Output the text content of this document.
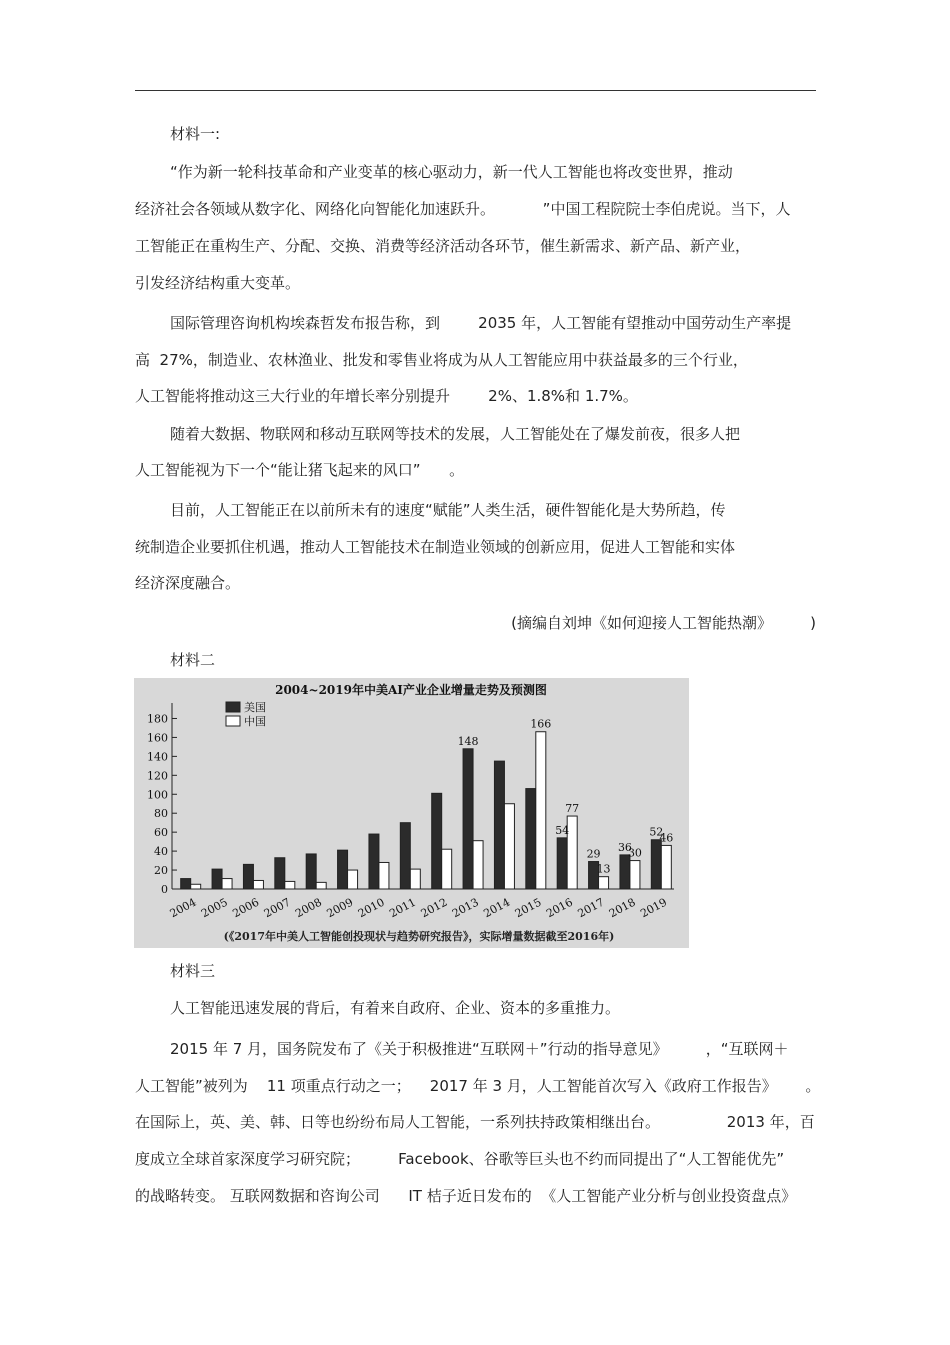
材料一:
“作为新一轮科技革命和产业变革的核心驱动力，新一代人工智能也将改变世界，推动
经济社会各领域从数字化、网络化向智能化加速跃升。          ”中国工程院院士李伯虎说。当下，人
工智能正在重构生产、分配、交换、消费等经济活动各环节，催生新需求、新产品、新产业，
引发经济结构重大变革。
国际管理咨询机构埃森哲发布报告称，到        2035 年，人工智能有望推动中国劳动生产率提
高  27%，制造业、农林渔业、批发和零售业将成为从人工智能应用中获益最多的三个行业，
人工智能将推动这三大行业的年增长率分别提升        2%、1.8%和 1.7%。
随着大数据、物联网和移动互联网等技术的发展，人工智能处在了爆发前夜，很多人把
人工智能视为下一个“能让猪飞起来的风口”      。
目前，人工智能正在以前所未有的速度“赋能”人类生活，硬件智能化是大势所趋，传
统制造企业要抓住机遇，推动人工智能技术在制造业领域的创新应用，促进人工智能和实体
经济深度融合。
(摘编自刘坤《如何迎接人工智能热潮》        )
材料二
2004~2019年中美AI产业企业增量走势及预测图
0
20
40
60
80
100
120
140
160
180
2004 2005 2006 2007 2008 2009 2010 2011 2012 2013 2014 2015 2016 2017 2018 2019
148
166
54
77
29
13
36
30
52
46
美国
中国
(《2017年中美人工智能创投现状与趋势研究报告》，实际增量数据截至2016年)
材料三
人工智能迅速发展的背后，有着来自政府、企业、资本的多重推力。
2015 年 7 月，国务院发布了《关于积极推进“互联网＋”行动的指导意见》        ，“互联网＋
人工智能”被列为    11 项重点行动之一；    2017 年 3 月，人工智能首次写入《政府工作报告》      。
在国际上，英、美、韩、日等也纷纷布局人工智能，一系列扶持政策相继出台。              2013 年，百
度成立全球首家深度学习研究院；        Facebook、谷歌等巨头也不约而同提出了“人工智能优先”
的战略转变。 互联网数据和咨询公司      IT 桔子近日发布的  《人工智能产业分析与创业投资盘点》
